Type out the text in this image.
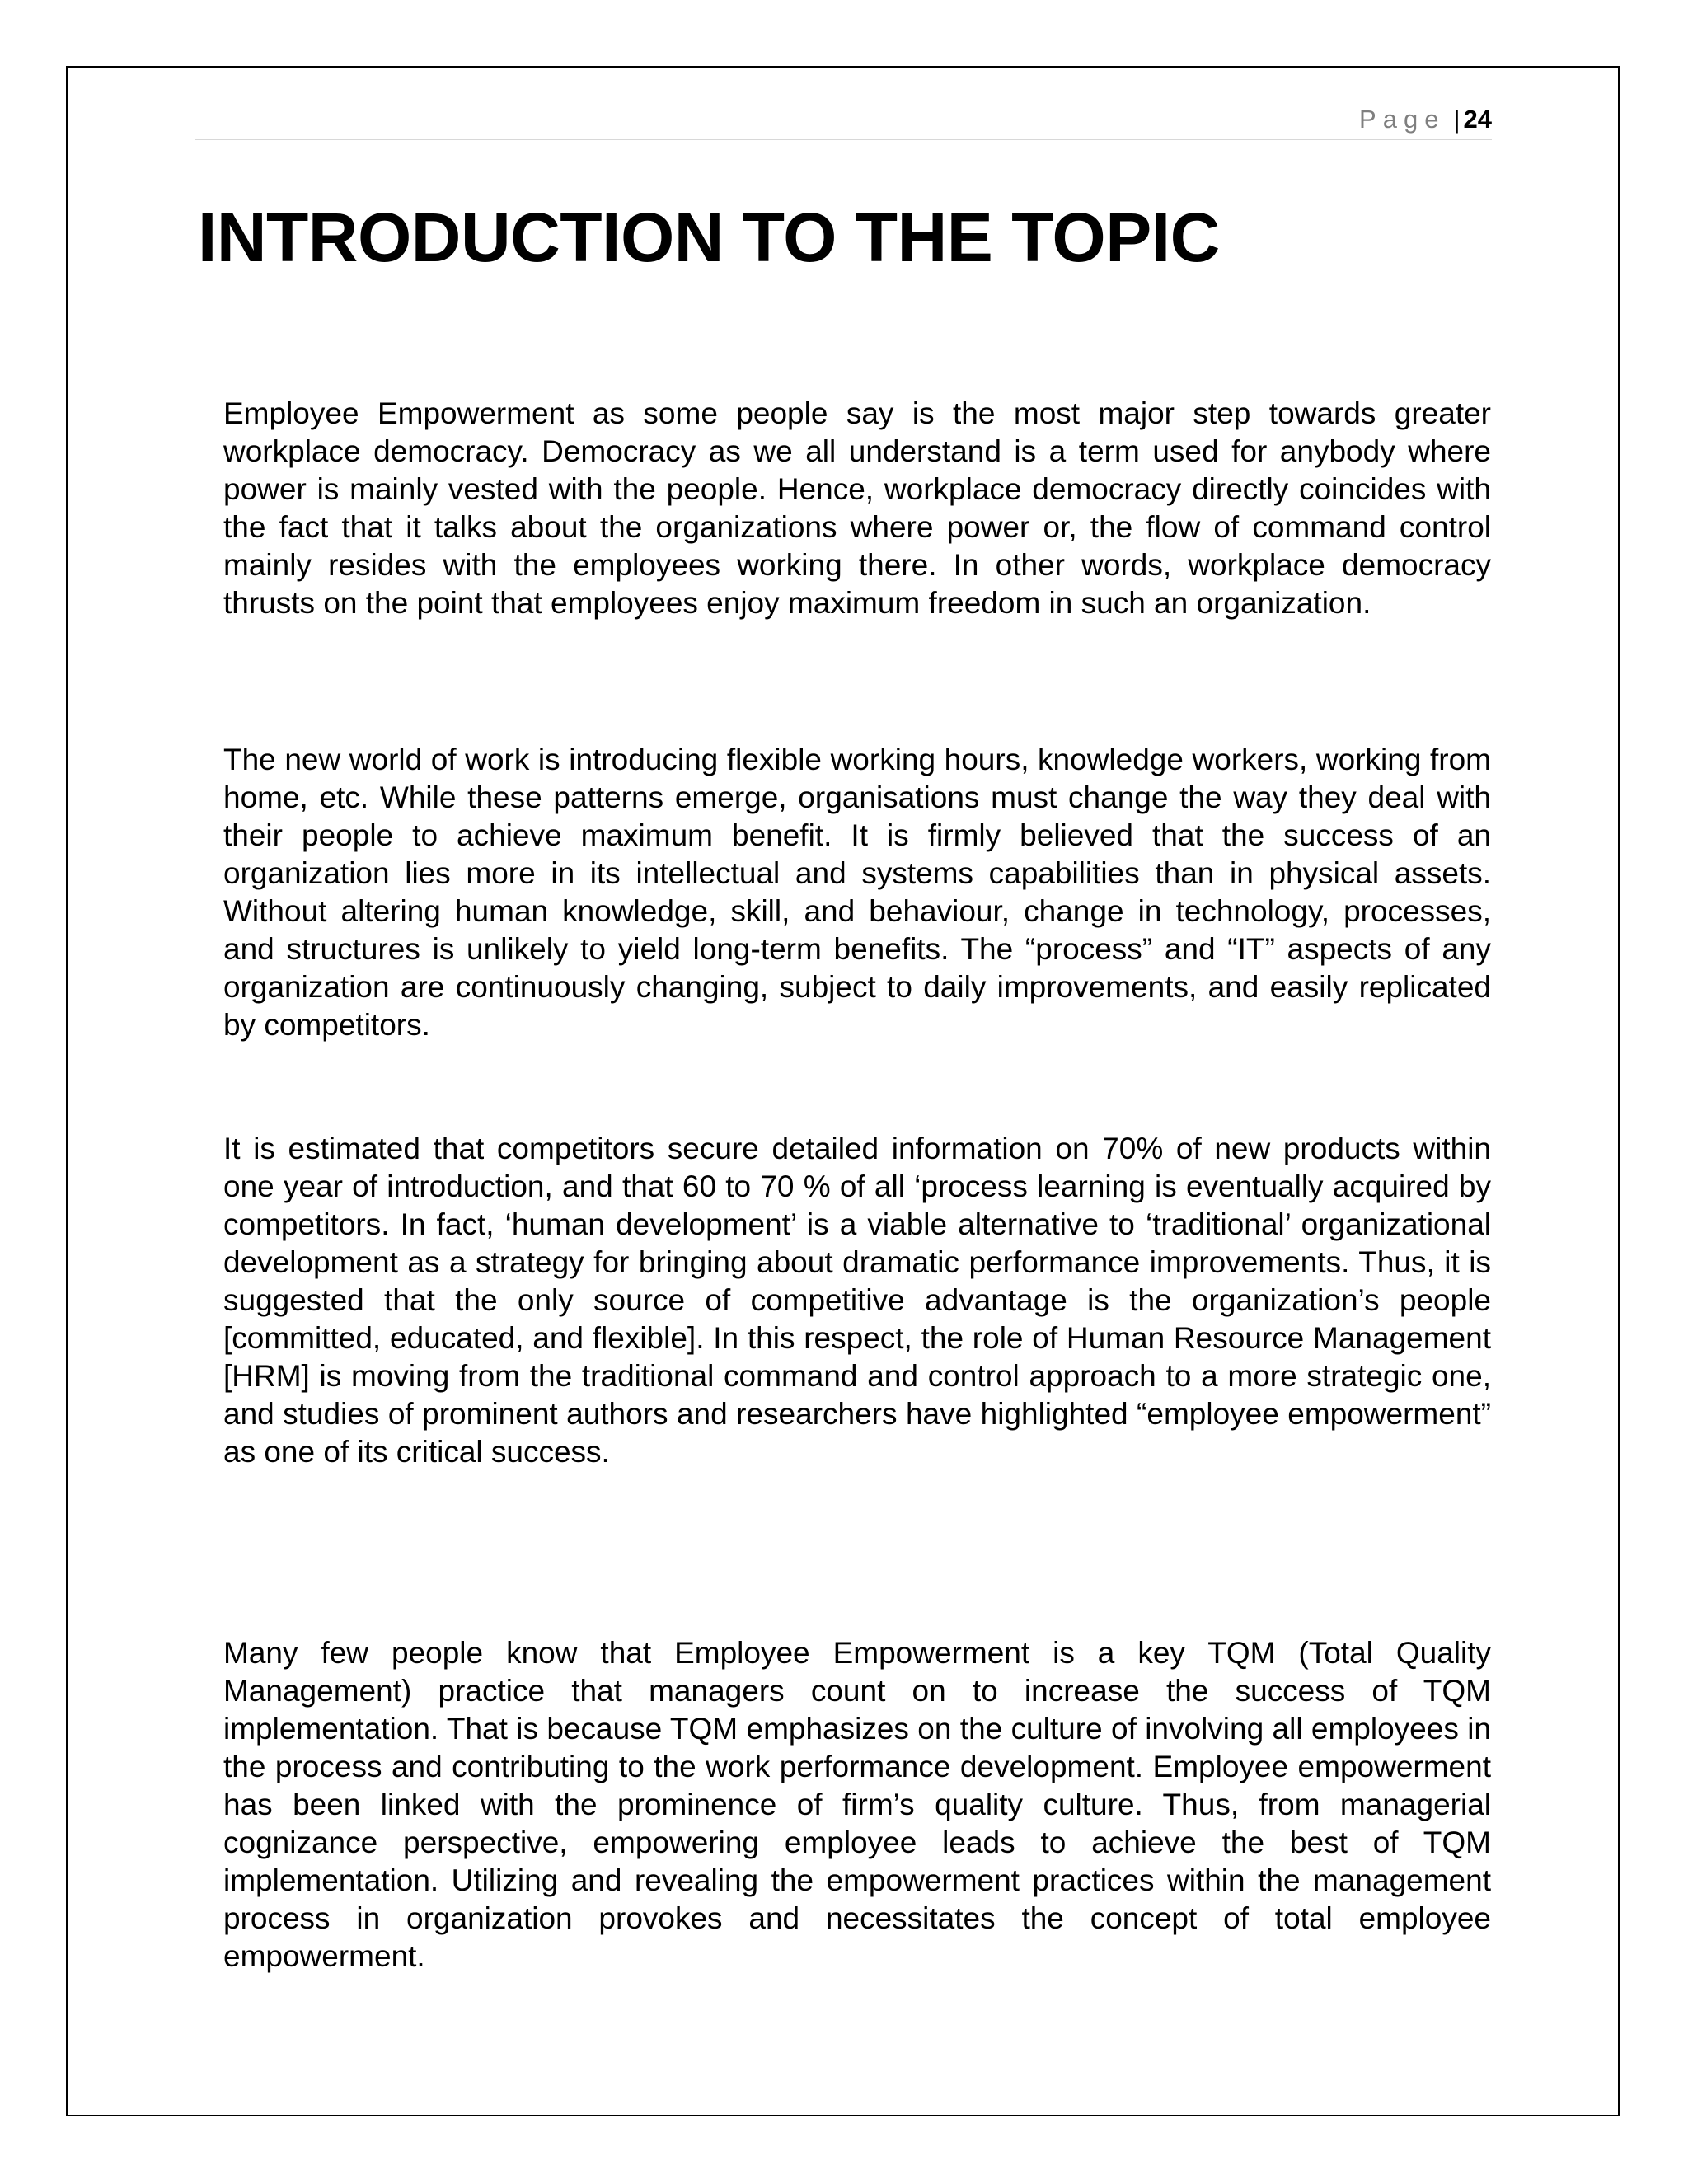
Page | 24
INTRODUCTION TO THE TOPIC

Employee Empowerment as some people say is the most major step towards greater workplace democracy. Democracy as we all understand is a term used for anybody where power is mainly vested with the people. Hence, workplace democracy directly coincides with the fact that it talks about the organizations where power or, the flow of command control mainly resides with the employees working there. In other words, workplace democracy thrusts on the point that employees enjoy maximum freedom in such an organization.

The new world of work is introducing flexible working hours, knowledge workers, working from home, etc. While these patterns emerge, organisations must change the way they deal with their people to achieve maximum benefit. It is firmly believed that the success of an organization lies more in its intellectual and systems capabilities than in physical assets. Without altering human knowledge, skill, and behaviour, change in technology, processes, and structures is unlikely to yield long-term benefits. The “process” and “IT” aspects of any organization are continuously changing, subject to daily improvements, and easily replicated by competitors.

It is estimated that competitors secure detailed information on 70% of new products within one year of introduction, and that 60 to 70 % of all ‘process learning is eventually acquired by competitors. In fact, ‘human development’ is a viable alternative to ‘traditional’ organizational development as a strategy for bringing about dramatic performance improvements. Thus, it is suggested that the only source of competitive advantage is the organization’s people [committed, educated, and flexible]. In this respect, the role of Human Resource Management [HRM] is moving from the traditional command and control approach to a more strategic one, and studies of prominent authors and researchers have highlighted “employee empowerment” as one of its critical success.

Many few people know that Employee Empowerment is a key TQM (Total Quality Management) practice that managers count on to increase the success of TQM implementation. That is because TQM emphasizes on the culture of involving all employees in the process and contributing to the work performance development. Employee empowerment has been linked with the prominence of firm’s quality culture. Thus, from managerial cognizance perspective, empowering employee leads to achieve the best of TQM implementation. Utilizing and revealing the empowerment practices within the management process in organization provokes and necessitates the concept of total employee empowerment.
